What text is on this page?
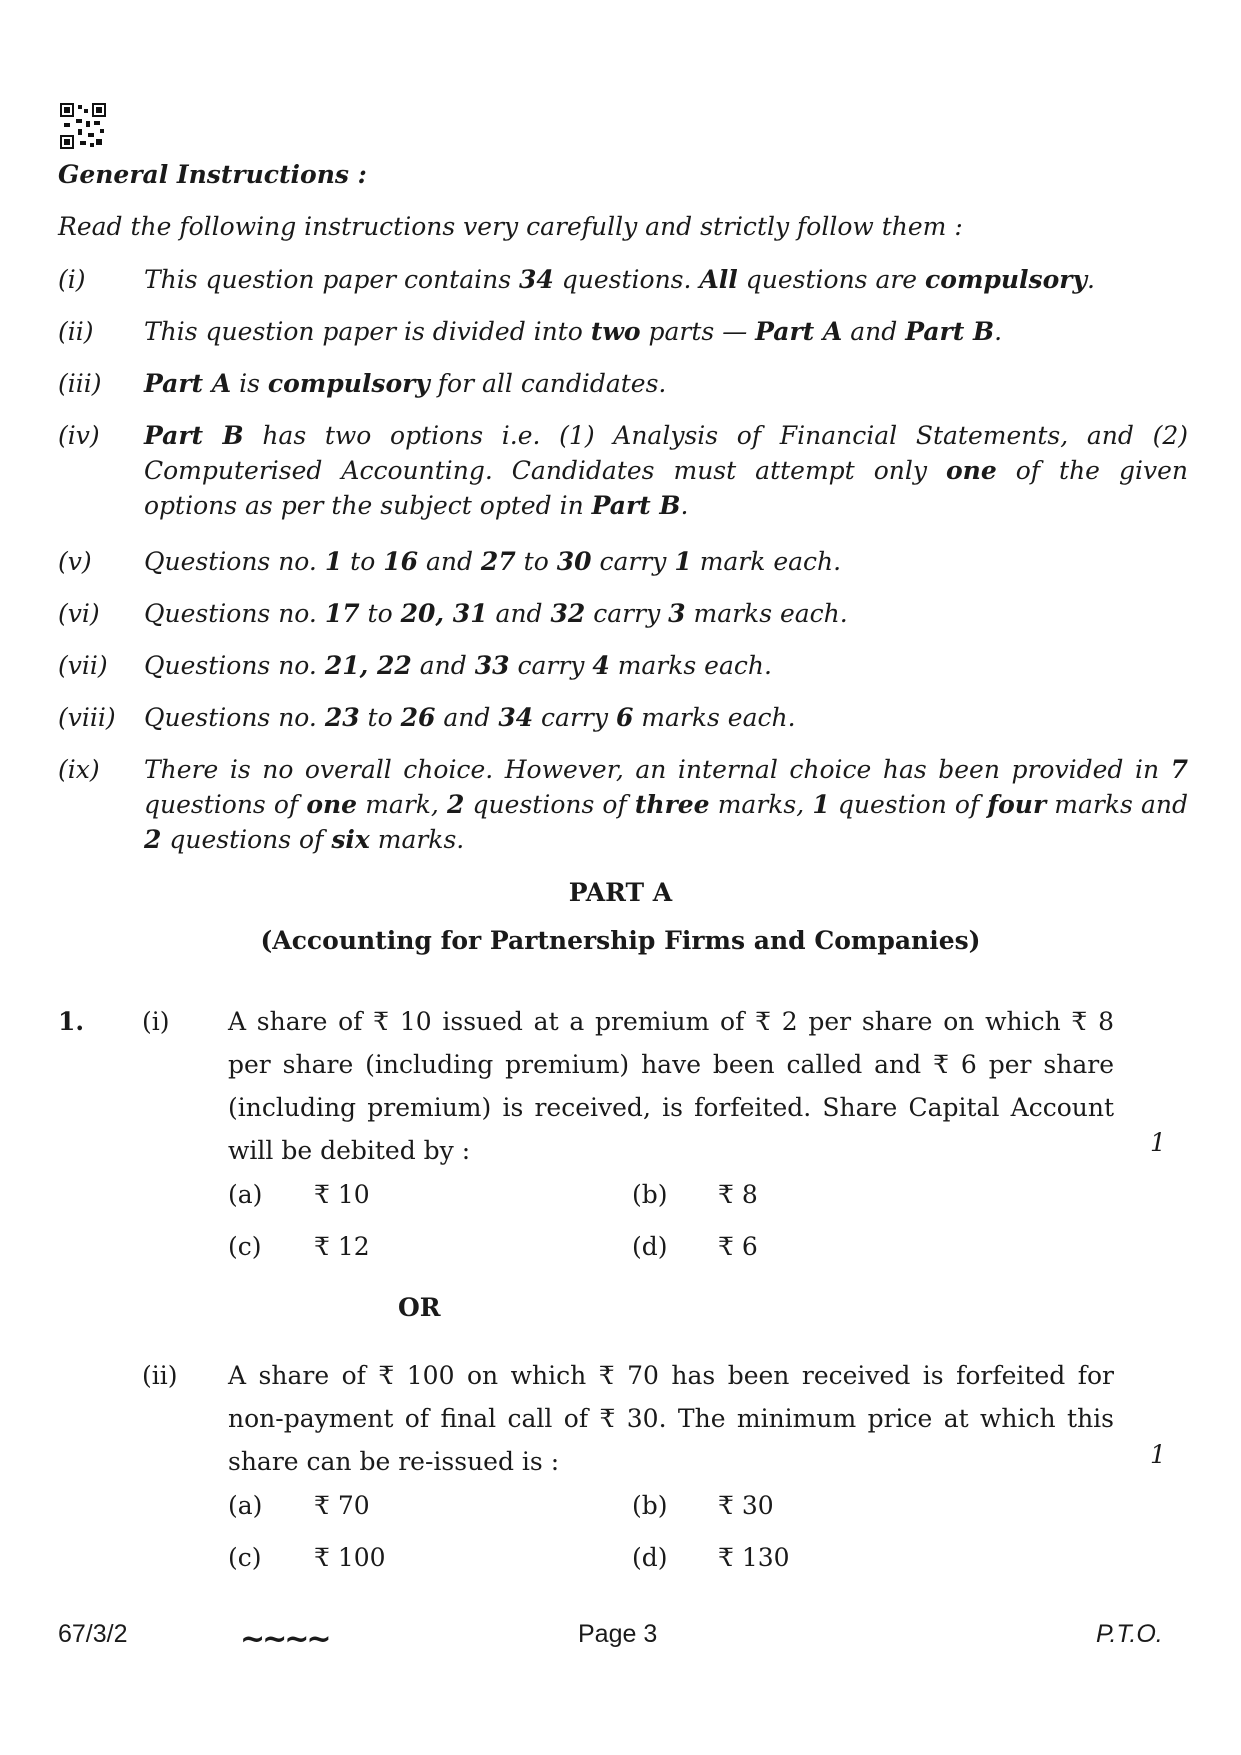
General Instructions :
Read the following instructions very carefully and strictly follow them :
(i) This question paper contains 34 questions. All questions are compulsory.
(ii) This question paper is divided into two parts — Part A and Part B.
(iii) Part A is compulsory for all candidates.
(iv) Part B has two options i.e. (1) Analysis of Financial Statements, and (2) Computerised Accounting. Candidates must attempt only one of the given options as per the subject opted in Part B.
(v) Questions no. 1 to 16 and 27 to 30 carry 1 mark each.
(vi) Questions no. 17 to 20, 31 and 32 carry 3 marks each.
(vii) Questions no. 21, 22 and 33 carry 4 marks each.
(viii) Questions no. 23 to 26 and 34 carry 6 marks each.
(ix) There is no overall choice. However, an internal choice has been provided in 7 questions of one mark, 2 questions of three marks, 1 question of four marks and 2 questions of six marks.
PART A
(Accounting for Partnership Firms and Companies)
1. (i) A share of ₹ 10 issued at a premium of ₹ 2 per share on which ₹ 8 per share (including premium) have been called and ₹ 6 per share (including premium) is received, is forfeited. Share Capital Account will be debited by :	1
(a) ₹ 10	(b) ₹ 8
(c) ₹ 12	(d) ₹ 6
OR
(ii) A share of ₹ 100 on which ₹ 70 has been received is forfeited for non-payment of final call of ₹ 30. The minimum price at which this share can be re-issued is :	1
(a) ₹ 70	(b) ₹ 30
(c) ₹ 100	(d) ₹ 130
67/3/2	~~~~	Page 3	P.T.O.
